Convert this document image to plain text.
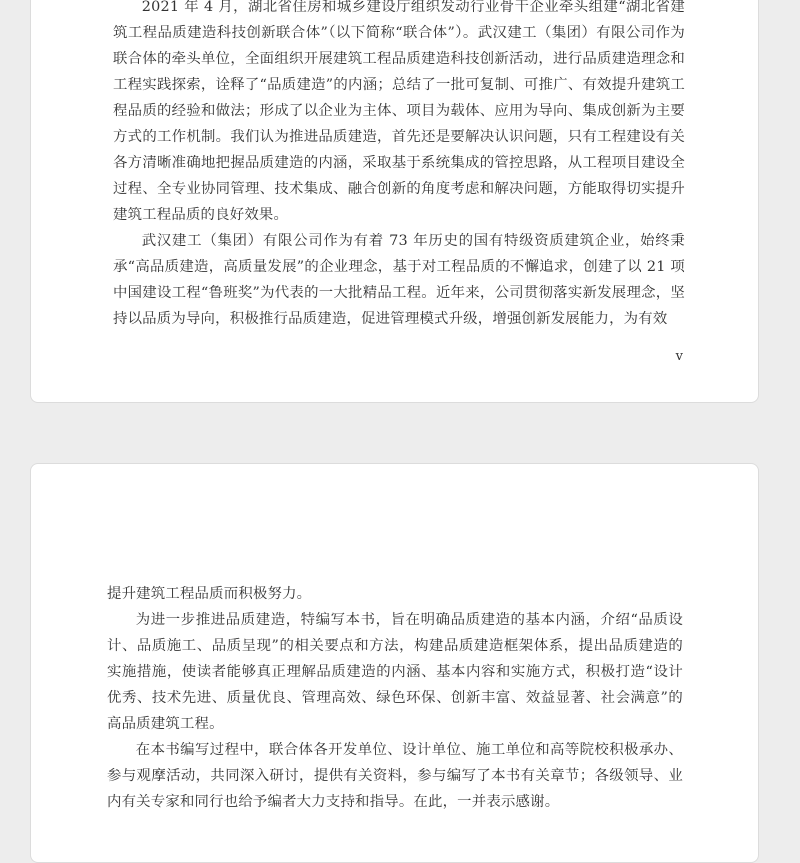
2021 年 4 月，湖北省住房和城乡建设厅组织发动行业骨干企业牵头组建“湖北省建筑工程品质建造科技创新联合体”（以下简称“联合体”）。武汉建工（集团）有限公司作为联合体的牵头单位，全面组织开展建筑工程品质建造科技创新活动，进行品质建造理念和工程实践探索，诠释了“品质建造”的内涵；总结了一批可复制、可推广、有效提升建筑工程品质的经验和做法；形成了以企业为主体、项目为载体、应用为导向、集成创新为主要方式的工作机制。我们认为推进品质建造，首先还是要解决认识问题，只有工程建设有关各方清晰准确地把握品质建造的内涵，采取基于系统集成的管控思路，从工程项目建设全过程、全专业协同管理、技术集成、融合创新的角度考虑和解决问题，方能取得切实提升建筑工程品质的良好效果。

武汉建工（集团）有限公司作为有着 73 年历史的国有特级资质建筑企业，始终秉承“高品质建造，高质量发展”的企业理念，基于对工程品质的不懈追求，创建了以 21 项中国建设工程“鲁班奖”为代表的一大批精品工程。近年来，公司贯彻落实新发展理念，坚持以品质为导向，积极推行品质建造，促进管理模式升级，增强创新发展能力，为有效

v

提升建筑工程品质而积极努力。

为进一步推进品质建造，特编写本书，旨在明确品质建造的基本内涵，介绍“品质设计、品质施工、品质呈现”的相关要点和方法，构建品质建造框架体系，提出品质建造的实施措施，使读者能够真正理解品质建造的内涵、基本内容和实施方式，积极打造“设计优秀、技术先进、质量优良、管理高效、绿色环保、创新丰富、效益显著、社会满意”的高品质建筑工程。

在本书编写过程中，联合体各开发单位、设计单位、施工单位和高等院校积极承办、参与观摩活动，共同深入研讨，提供有关资料，参与编写了本书有关章节；各级领导、业内有关专家和同行也给予编者大力支持和指导。在此，一并表示感谢。
